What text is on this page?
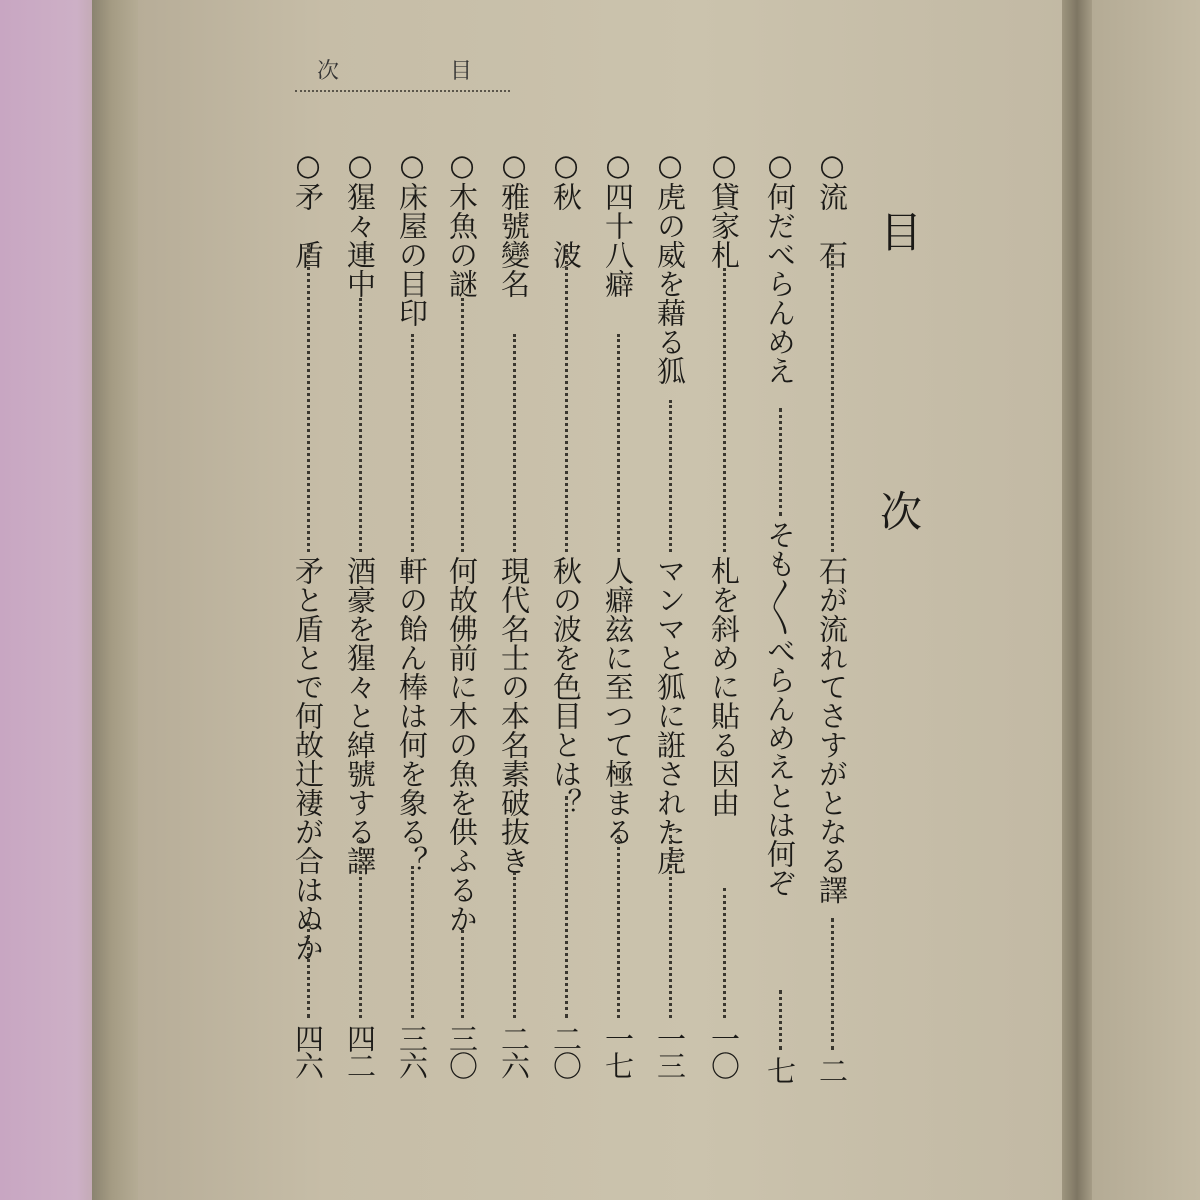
次	目
目 次
○流　石
石が流れてさすがとなる譯
二
○何だべらんめえ
そも〳〵べらんめえとは何ぞ
七
○貸家札
札を斜めに貼る因由
一〇
○虎の威を藉る狐
マンマと狐に誑された虎
一三
○四十八癖
人癖玆に至つて極まる
一七
○秋　波
秋の波を色目とは？
二〇
○雅號變名
現代名士の本名素破抜き
二六
○木魚の謎
何故佛前に木の魚を供ふるか
三〇
○床屋の目印
軒の飴ん棒は何を象る？
三六
○猩々連中
酒豪を猩々と綽號する譯
四二
○矛　盾
矛と盾とで何故辻褄が合はぬか
四六
